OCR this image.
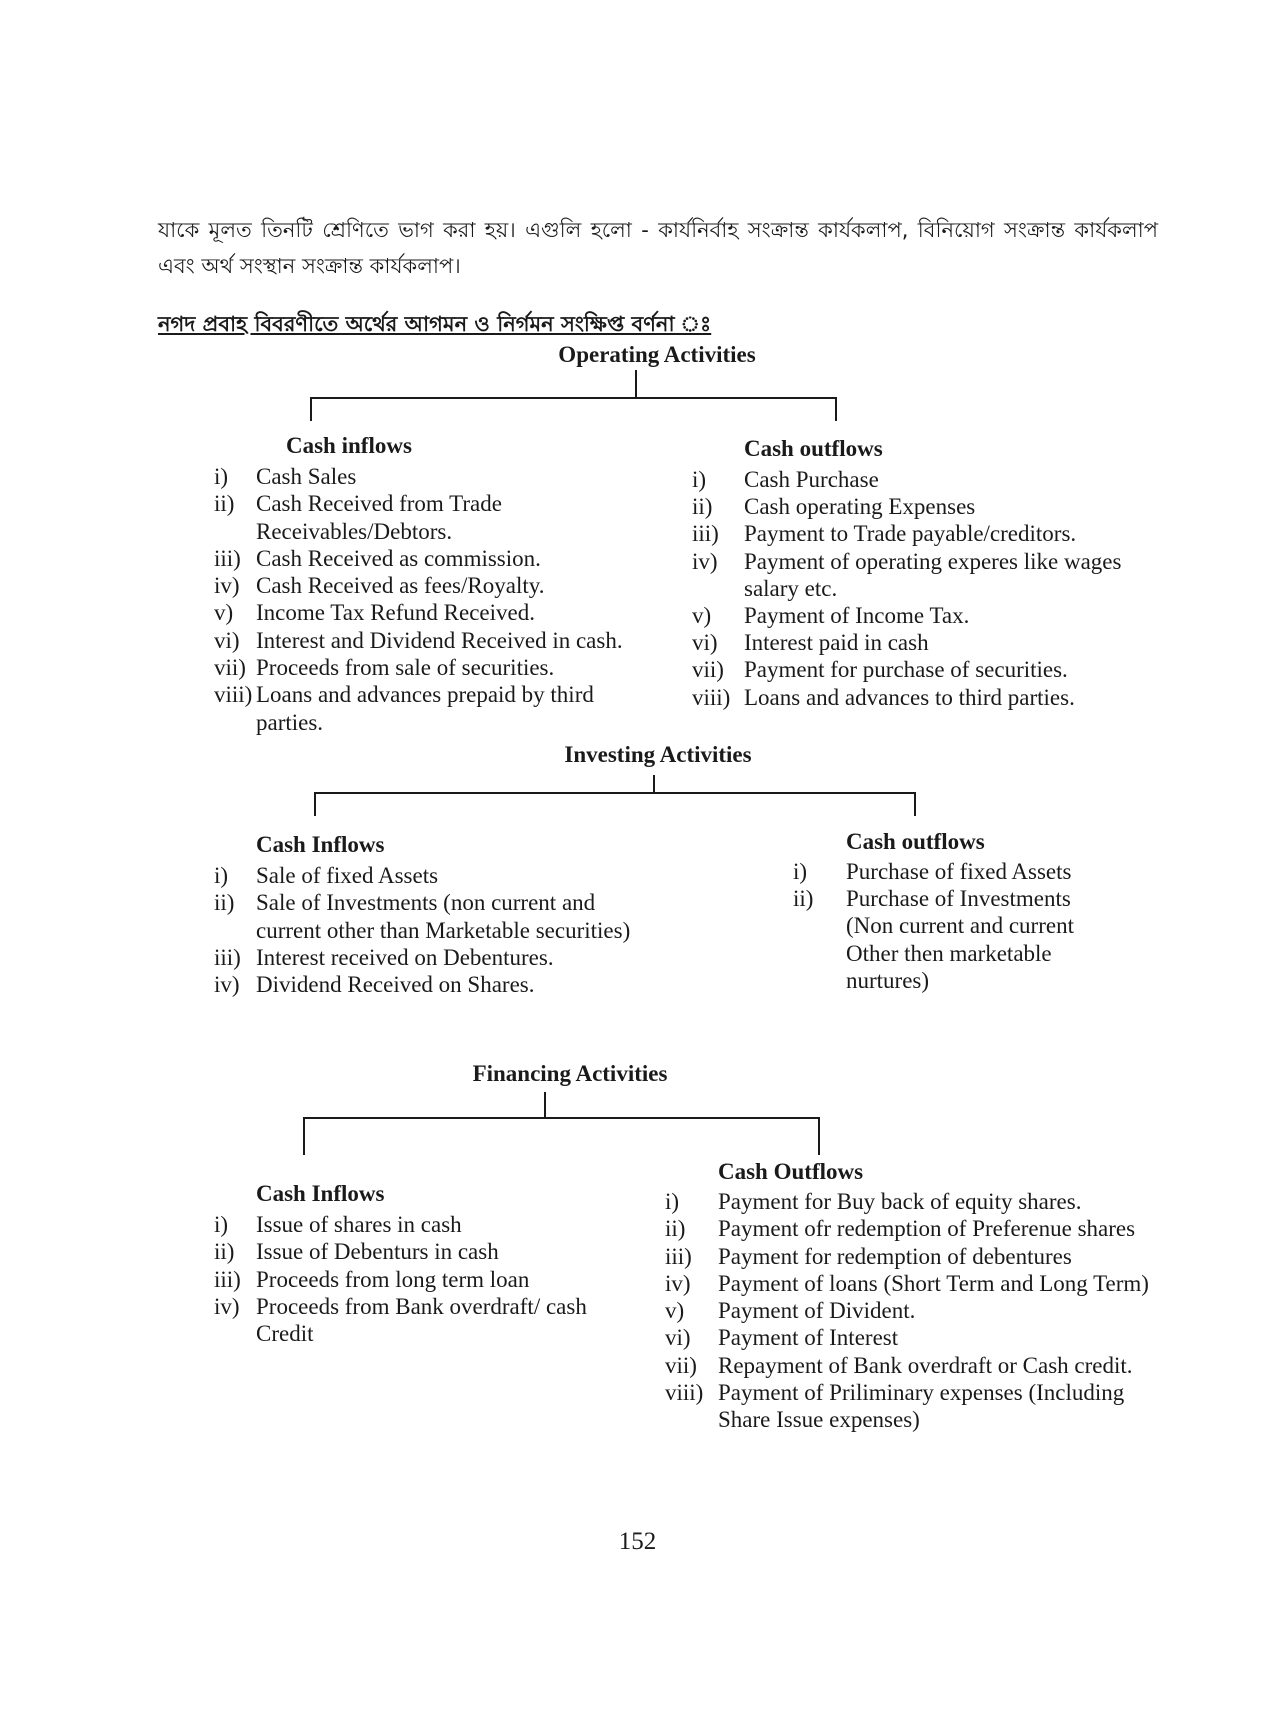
যাকে মূলত তিনটি শ্রেণিতে ভাগ করা হয়। এগুলি হলো - কার্যনির্বাহ সংক্রান্ত কার্যকলাপ, বিনিয়োগ সংক্রান্ত কার্যকলাপ এবং অর্থ সংস্থান সংক্রান্ত কার্যকলাপ।
নগদ প্রবাহ বিবরণীতে অর্থের আগমন ও নির্গমন সংক্ষিপ্ত বর্ণনা ঃ
Operating Activities
Cash inflows
i) Cash Sales
ii) Cash Received from Trade Receivables/Debtors.
iii) Cash Received as commission.
iv) Cash Received as fees/Royalty.
v) Income Tax Refund Received.
vi) Interest and Dividend Received in cash.
vii) Proceeds from sale of securities.
viii) Loans and advances prepaid by third parties.
Cash outflows
i) Cash Purchase
ii) Cash operating Expenses
iii) Payment to Trade payable/creditors.
iv) Payment of operating experes like wages salary etc.
v) Payment of Income Tax.
vi) Interest paid in cash
vii) Payment for purchase of securities.
viii) Loans and advances to third parties.
Investing Activities
Cash Inflows
i) Sale of fixed Assets
ii) Sale of Investments (non current and current other than Marketable securities)
iii) Interest received on Debentures.
iv) Dividend Received on Shares.
Cash outflows
i) Purchase of fixed Assets
ii) Purchase of Investments (Non current and current Other then marketable nurtures)
Financing Activities
Cash Inflows
i) Issue of shares in cash
ii) Issue of Debenturs in cash
iii) Proceeds from long term loan
iv) Proceeds from Bank overdraft/ cash Credit
Cash Outflows
i) Payment for Buy back of equity shares.
ii) Payment ofr redemption of Preferenue shares
iii) Payment for redemption of debentures
iv) Payment of loans (Short Term and Long Term)
v) Payment of Divident.
vi) Payment of Interest
vii) Repayment of Bank overdraft or Cash credit.
viii) Payment of Priliminary expenses (Including Share Issue expenses)
152
